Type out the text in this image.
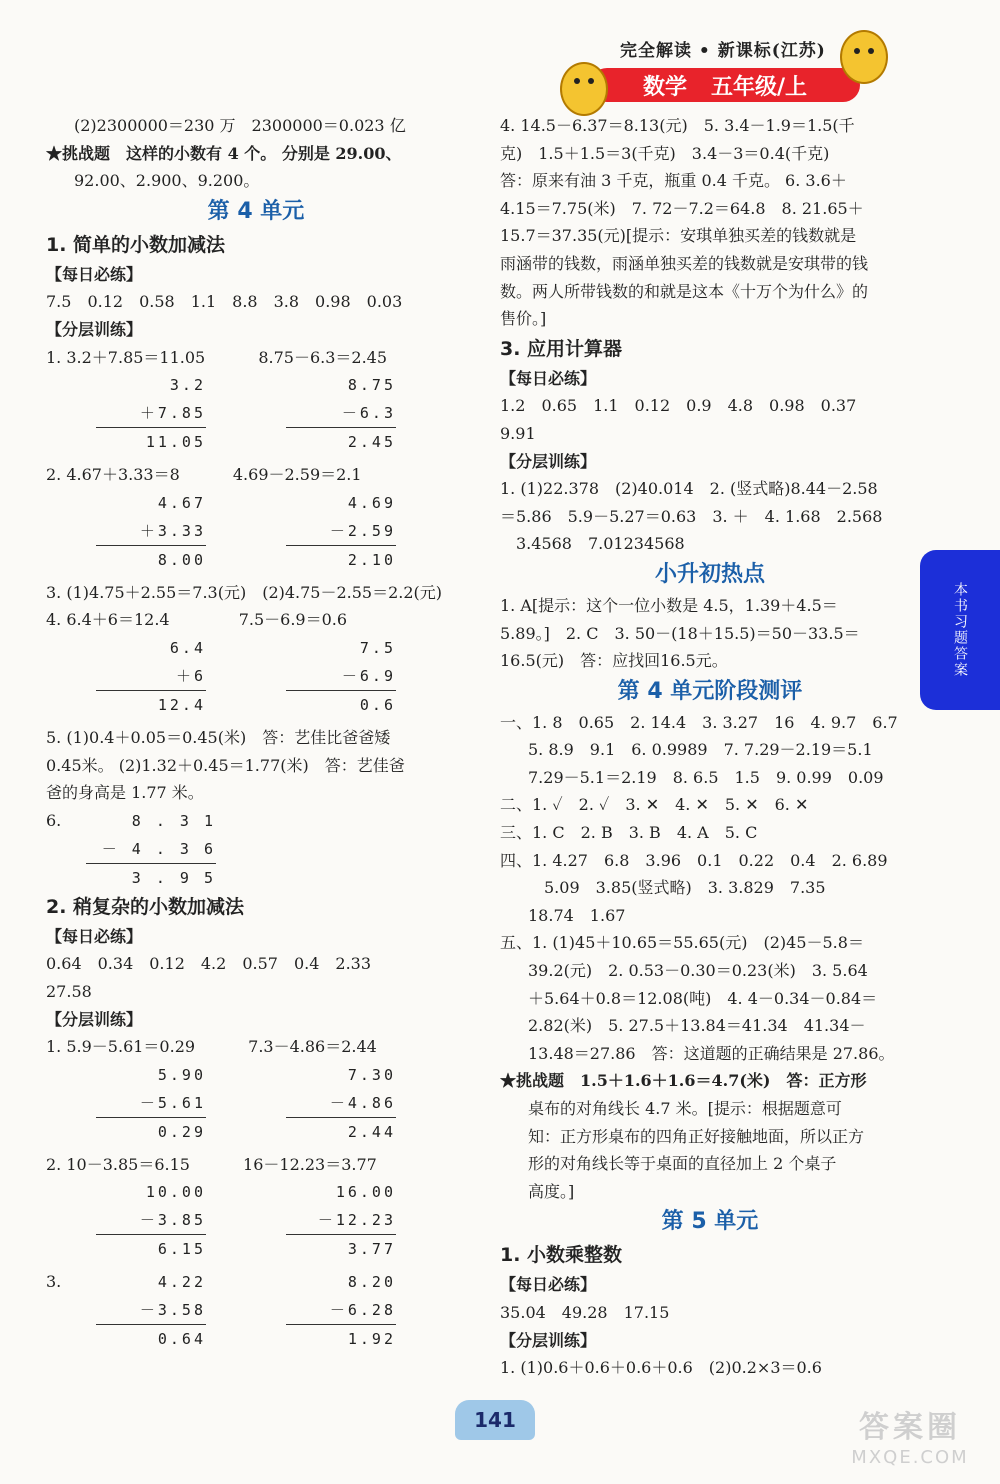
完全解读 • 新课标(江苏)
数学 五年级/上
(2)2300000＝230 万　2300000＝0.023 亿
★挑战题　这样的小数有 4 个。 分别是 29.00、
92.00、2.900、9.200。
第 4 单元
1. 简单的小数加减法
【每日必练】
7.5　0.12　0.58　1.1　8.8　3.8　0.98　0.03
【分层训练】
1. 3.2＋7.85＝11.05　　　 8.75－6.3＝2.45
3.2
＋7.85
11.05
8.75
－6.3
2.45
2. 4.67＋3.33＝8　　　 4.69－2.59＝2.1
4.67
＋3.33
8.00
4.69
－2.59
2.10
3. (1)4.75＋2.55＝7.3(元)　(2)4.75－2.55＝2.2(元)
4. 6.4＋6＝12.4　　　　 7.5－6.9＝0.6
6.4
＋6
12.4
7.5
－6.9
0.6
5. (1)0.4＋0.05＝0.45(米)　答：艺佳比爸爸矮
0.45米。 (2)1.32＋0.45＝1.77(米)　答：艺佳爸
爸的身高是 1.77 米。
6.	8 . 3 1
－ 4 . 3 6
3 . 9 5
2. 稍复杂的小数加减法
【每日必练】
0.64　0.34　0.12　4.2　0.57　0.4　2.33
27.58
【分层训练】
1. 5.9－5.61＝0.29　　　 7.3－4.86＝2.44
5.90
－5.61
0.29
7.30
－4.86
2.44
2. 10－3.85＝6.15　　　 16－12.23＝3.77
10.00
－3.85
6.15
16.00
－12.23
3.77
3.	4.22
－3.58
0.64
8.20
－6.28
1.92
4. 14.5－6.37＝8.13(元)　5. 3.4－1.9＝1.5(千
克)　1.5＋1.5＝3(千克)　3.4－3＝0.4(千克)
答：原来有油 3 千克，瓶重 0.4 千克。 6. 3.6＋
4.15＝7.75(米)　7. 72－7.2＝64.8　8. 21.65＋
15.7＝37.35(元)[提示：安琪单独买差的钱数就是
雨涵带的钱数，雨涵单独买差的钱数就是安琪带的钱
数。两人所带钱数的和就是这本《十万个为什么》的
售价。]
3. 应用计算器
【每日必练】
1.2　0.65　1.1　0.12　0.9　4.8　0.98　0.37
9.91
【分层训练】
1. (1)22.378　(2)40.014　2. (竖式略)8.44－2.58
＝5.86　5.9－5.27＝0.63　3. ＋　4. 1.68　2.568
3.4568　7.01234568
小升初热点
1. A[提示：这个一位小数是 4.5，1.39＋4.5＝
5.89。]　2. C　3. 50－(18＋15.5)＝50－33.5＝
16.5(元)　答：应找回16.5元。
第 4 单元阶段测评
一、1. 8　0.65　2. 14.4　3. 3.27　16　4. 9.7　6.7
5. 8.9　9.1　6. 0.9989　7. 7.29－2.19＝5.1
7.29－5.1＝2.19　8. 6.5　1.5　9. 0.99　0.09
二、1. ✓　2. ✓　3. ✕　4. ✕　5. ✕　6. ✕
三、1. C　2. B　3. B　4. A　5. C
四、1. 4.27　6.8　3.96　0.1　0.22　0.4　2. 6.89
5.09　3.85(竖式略)　3. 3.829　7.35
18.74　1.67
五、1. (1)45＋10.65＝55.65(元)　(2)45－5.8＝
39.2(元)　2. 0.53－0.30＝0.23(米)　3. 5.64
＋5.64＋0.8＝12.08(吨)　4. 4－0.34－0.84＝
2.82(米)　5. 27.5＋13.84＝41.34　41.34－
13.48＝27.86　答：这道题的正确结果是 27.86。
★挑战题　1.5＋1.6＋1.6＝4.7(米)　答：正方形
桌布的对角线长 4.7 米。[提示：根据题意可
知：正方形桌布的四角正好接触地面，所以正方
形的对角线长等于桌面的直径加上 2 个桌子
高度。]
第 5 单元
1. 小数乘整数
【每日必练】
35.04　49.28　17.15
【分层训练】
1. (1)0.6＋0.6＋0.6＋0.6　(2)0.2×3＝0.6
本书习题答案
141	答案圈
MXQE.COM
